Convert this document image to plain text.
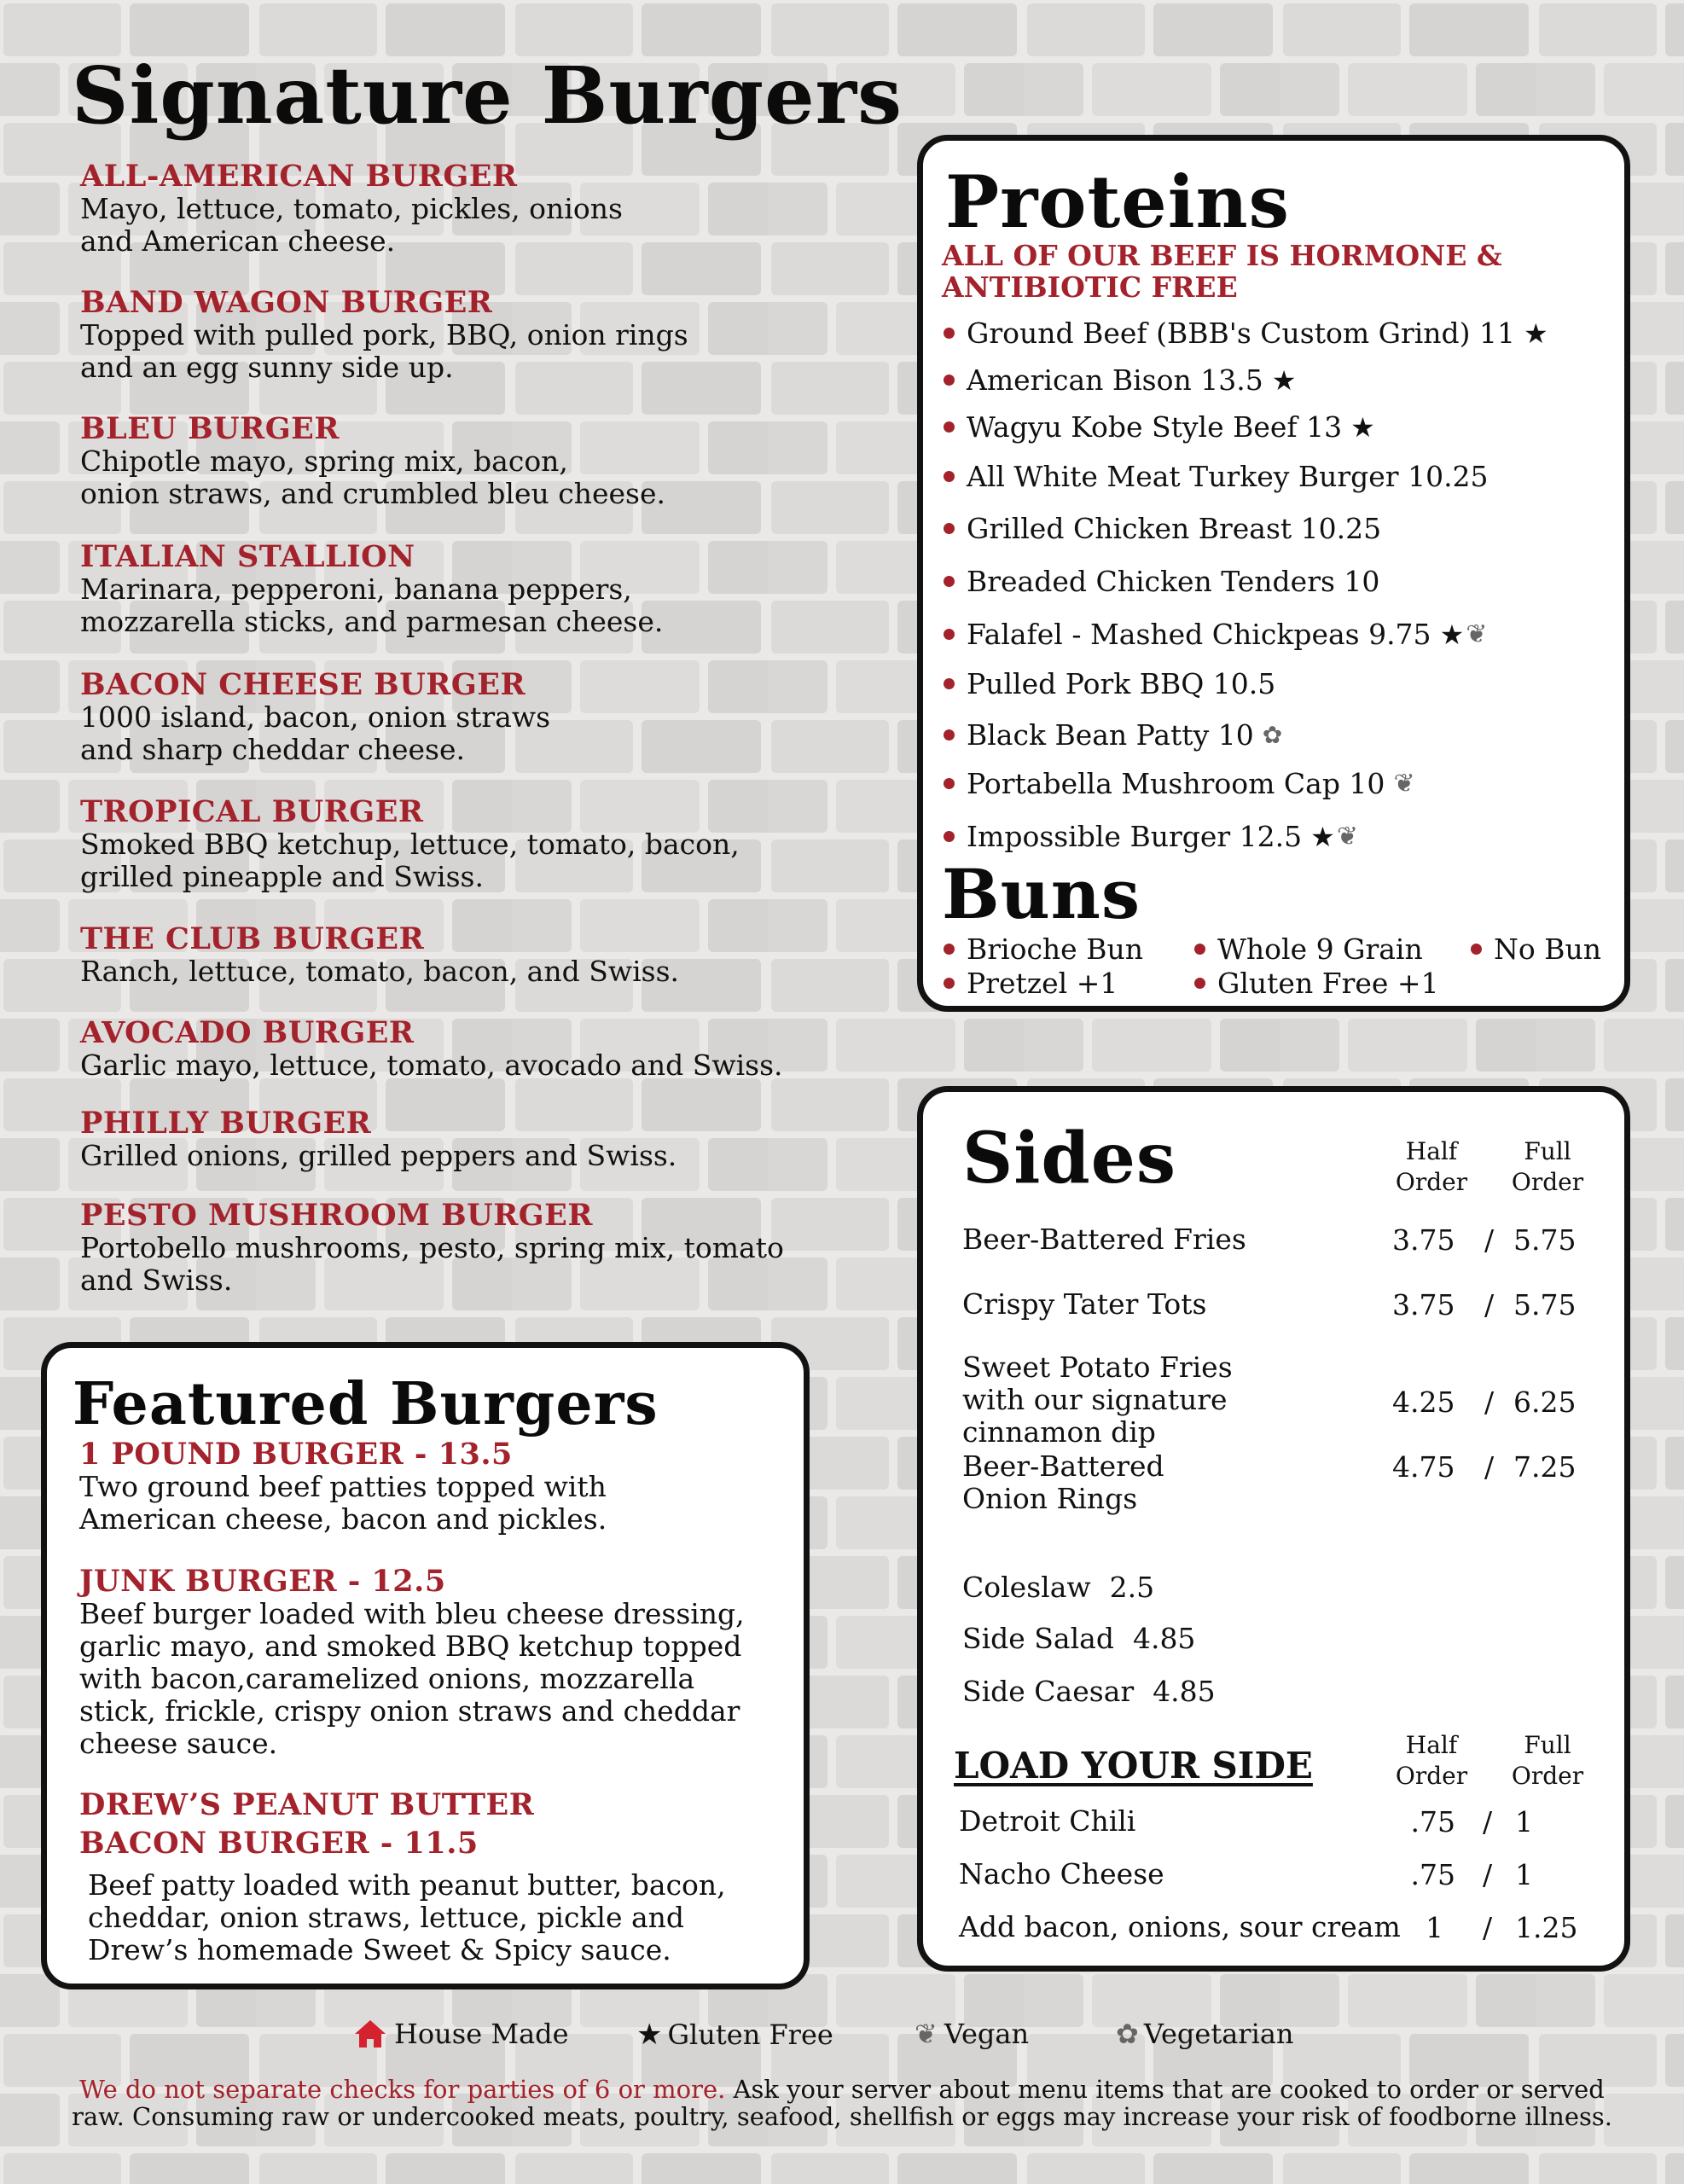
Signature Burgers
ALL-AMERICAN BURGER
Mayo, lettuce, tomato, pickles, onions
and American cheese.
BAND WAGON BURGER
Topped with pulled pork, BBQ, onion rings
and an egg sunny side up.
BLEU BURGER
Chipotle mayo, spring mix, bacon,
onion straws, and crumbled bleu cheese.
ITALIAN STALLION
Marinara, pepperoni, banana peppers,
mozzarella sticks, and parmesan cheese.
BACON CHEESE BURGER
1000 island, bacon, onion straws
and sharp cheddar cheese.
TROPICAL BURGER
Smoked BBQ ketchup, lettuce, tomato, bacon,
grilled pineapple and Swiss.
THE CLUB BURGER
Ranch, lettuce, tomato, bacon, and Swiss.
AVOCADO BURGER
Garlic mayo, lettuce, tomato, avocado and Swiss.
PHILLY BURGER
Grilled onions, grilled peppers and Swiss.
PESTO MUSHROOM BURGER
Portobello mushrooms, pesto, spring mix, tomato
and Swiss.
Proteins
ALL OF OUR BEEF IS HORMONE &
ANTIBIOTIC FREE
Ground Beef (BBB's Custom Grind) 11 ★
American Bison 13.5 ★
Wagyu Kobe Style Beef 13 ★
All White Meat Turkey Burger 10.25
Grilled Chicken Breast 10.25
Breaded Chicken Tenders 10
Falafel - Mashed Chickpeas 9.75 ★ ❦
Pulled Pork BBQ 10.5
Black Bean Patty 10 ✿
Portabella Mushroom Cap 10 ❦
Impossible Burger 12.5 ★ ❦
Buns
Brioche Bun	Whole 9 Grain	No Bun
Pretzel +1	Gluten Free +1
Sides	Half
Order
Full
Order
Beer-Battered Fries	3.75 / 5.75
Crispy Tater Tots	3.75 / 5.75
Sweet Potato Fries
with our signature
cinnamon dip
4.25 / 6.25
Beer-Battered
Onion Rings
4.75 / 7.25
Coleslaw 2.5
Side Salad 4.85
Side Caesar 4.85
LOAD YOUR SIDE	Half
Order
Full
Order
Detroit Chili	.75 / 1
Nacho Cheese	.75 / 1
Add bacon, onions, sour cream 1 / 1.25
Featured Burgers
1 POUND BURGER - 13.5
Two ground beef patties topped with
American cheese, bacon and pickles.
JUNK BURGER - 12.5
Beef burger loaded with bleu cheese dressing,
garlic mayo, and smoked BBQ ketchup topped
with bacon,caramelized onions, mozzarella
stick, frickle, crispy onion straws and cheddar
cheese sauce.
DREW’S PEANUT BUTTER
BACON BURGER - 11.5
Beef patty loaded with peanut butter, bacon,
cheddar, onion straws, lettuce, pickle and
Drew’s homemade Sweet & Spicy sauce.
House Made ★ Gluten Free	❦ Vegan	✿ Vegetarian
We do not separate checks for parties of 6 or more. Ask your server about menu items that are cooked to order or served raw. Consuming raw or undercooked meats, poultry, seafood, shellfish or eggs may increase your risk of foodborne illness.
